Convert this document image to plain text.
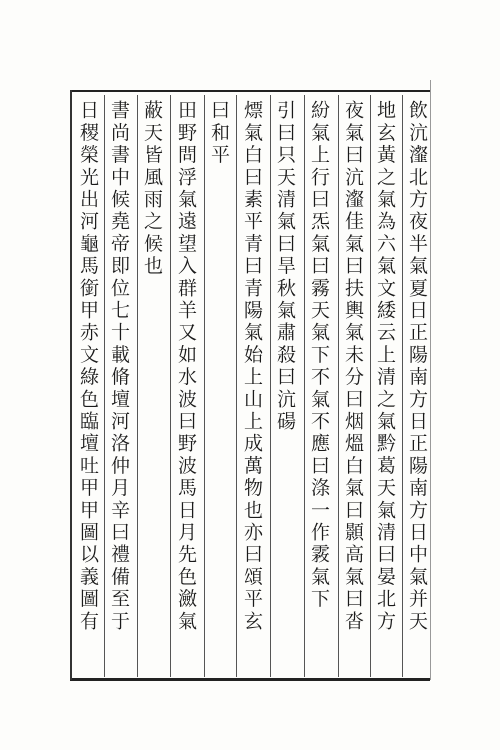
飲沆瀣北方夜半氣夏日正陽南方日正陽南方日中氣并天
地玄黃之氣為六氣文緌云上清之氣黔葛天氣清曰晏北方
夜氣曰沆瀣佳氣曰扶輿氣未分曰烟熅白氣曰顥高氣曰沓
紛氣上行曰炁氣曰霧天氣下不氣不應曰涤一作霚氣下
引曰只天清氣曰旱秋氣肅殺曰沆碭
熛氣白曰素平青曰青陽氣始上山上成萬物也亦曰頌平玄
曰和平
田野問浮氣遠望入群羊又如水波曰野波馬日月先色瀲氣
蔽天皆風雨之候也
書尚書中候堯帝即位七十載脩壇河洛仲月辛曰禮備至于
日稷榮光出河龜馬銜甲赤文綠色臨壇吐甲甲圖以義圖有
